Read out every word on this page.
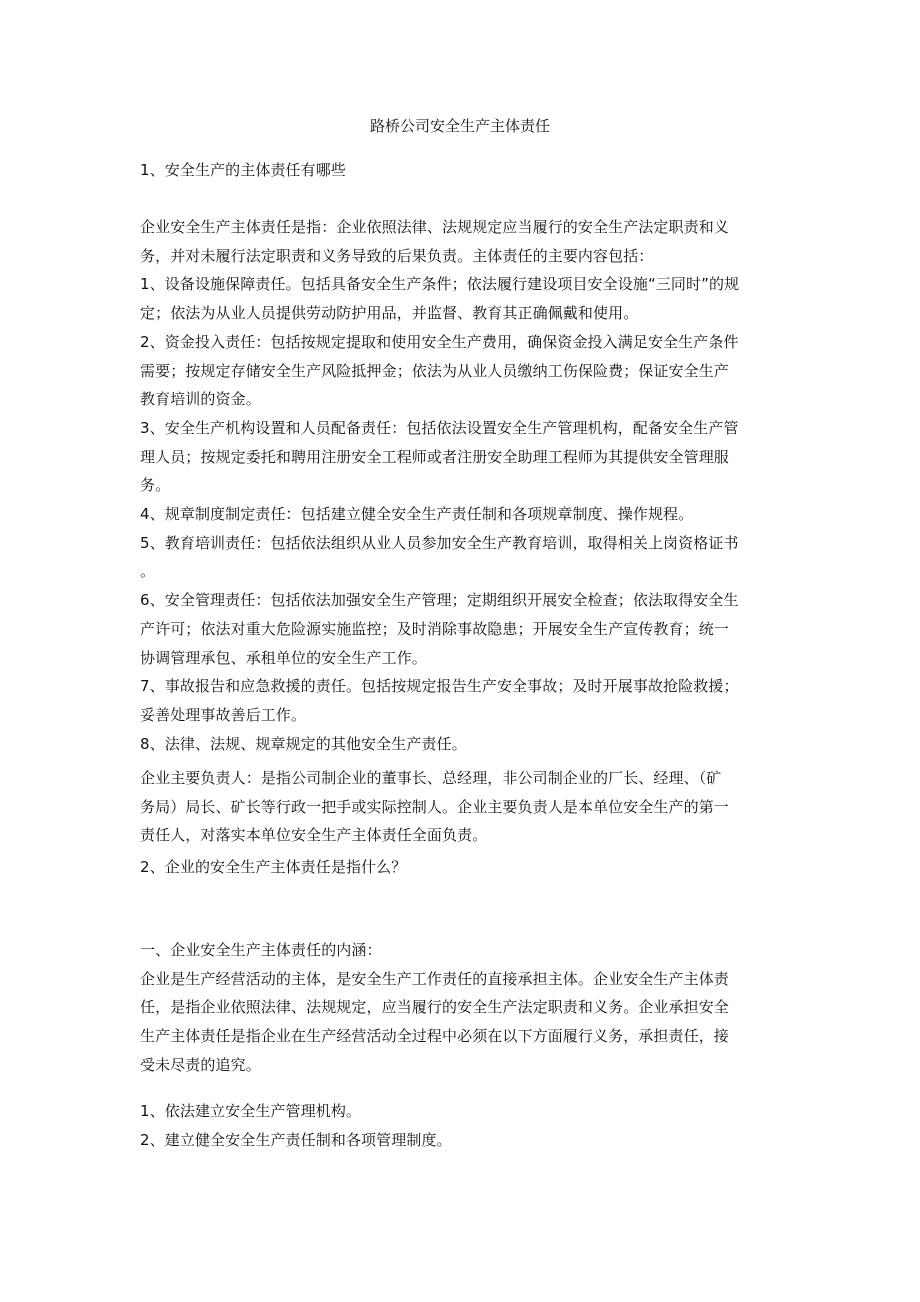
路桥公司安全生产主体责任

1、安全生产的主体责任有哪些

企业安全生产主体责任是指：企业依照法律、法规规定应当履行的安全生产法定职责和义

务，并对未履行法定职责和义务导致的后果负责。主体责任的主要内容包括：

1、设备设施保障责任。包括具备安全生产条件；依法履行建设项目安全设施“三同时”的规

定；依法为从业人员提供劳动防护用品，并监督、教育其正确佩戴和使用。

2、资金投入责任：包括按规定提取和使用安全生产费用，确保资金投入满足安全生产条件

需要；按规定存储安全生产风险抵押金；依法为从业人员缴纳工伤保险费；保证安全生产

教育培训的资金。

3、安全生产机构设置和人员配备责任：包括依法设置安全生产管理机构，配备安全生产管

理人员；按规定委托和聘用注册安全工程师或者注册安全助理工程师为其提供安全管理服

务。

4、规章制度制定责任：包括建立健全安全生产责任制和各项规章制度、操作规程。

5、教育培训责任：包括依法组织从业人员参加安全生产教育培训，取得相关上岗资格证书

。

6、安全管理责任：包括依法加强安全生产管理；定期组织开展安全检查；依法取得安全生

产许可；依法对重大危险源实施监控；及时消除事故隐患；开展安全生产宣传教育；统一

协调管理承包、承租单位的安全生产工作。

7、事故报告和应急救援的责任。包括按规定报告生产安全事故；及时开展事故抢险救援；

妥善处理事故善后工作。

8、法律、法规、规章规定的其他安全生产责任。

企业主要负责人：是指公司制企业的董事长、总经理，非公司制企业的厂长、经理、（矿

务局）局长、矿长等行政一把手或实际控制人。企业主要负责人是本单位安全生产的第一

责任人，对落实本单位安全生产主体责任全面负责。

2、企业的安全生产主体责任是指什么？

一、企业安全生产主体责任的内涵：

企业是生产经营活动的主体，是安全生产工作责任的直接承担主体。企业安全生产主体责

任，是指企业依照法律、法规规定，应当履行的安全生产法定职责和义务。企业承担安全

生产主体责任是指企业在生产经营活动全过程中必须在以下方面履行义务，承担责任，接

受未尽责的追究。

1、依法建立安全生产管理机构。

2、建立健全安全生产责任制和各项管理制度。
